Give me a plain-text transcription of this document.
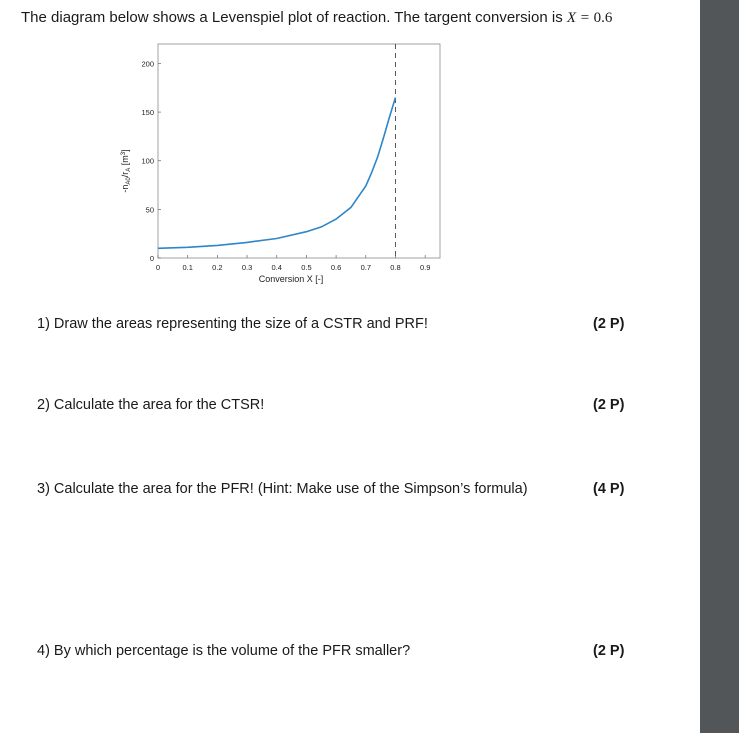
The diagram below shows a Levenspiel plot of reaction. The targent conversion is X = 0.6
0	0.1	0.2	0.3	0.4	0.5	0.6	0.7	0.8	0.9
0
50
100
150
200
Conversion X [-]
$-n_{A0}/r_A$ $[m^3]$
1) Draw the areas representing the size of a CSTR and PRF!	(2 P)
2) Calculate the area for the CTSR!	(2 P)
3) Calculate the area for the PFR! (Hint: Make use of the Simpson’s formula)	(4 P)
4) By which percentage is the volume of the PFR smaller?	(2 P)
